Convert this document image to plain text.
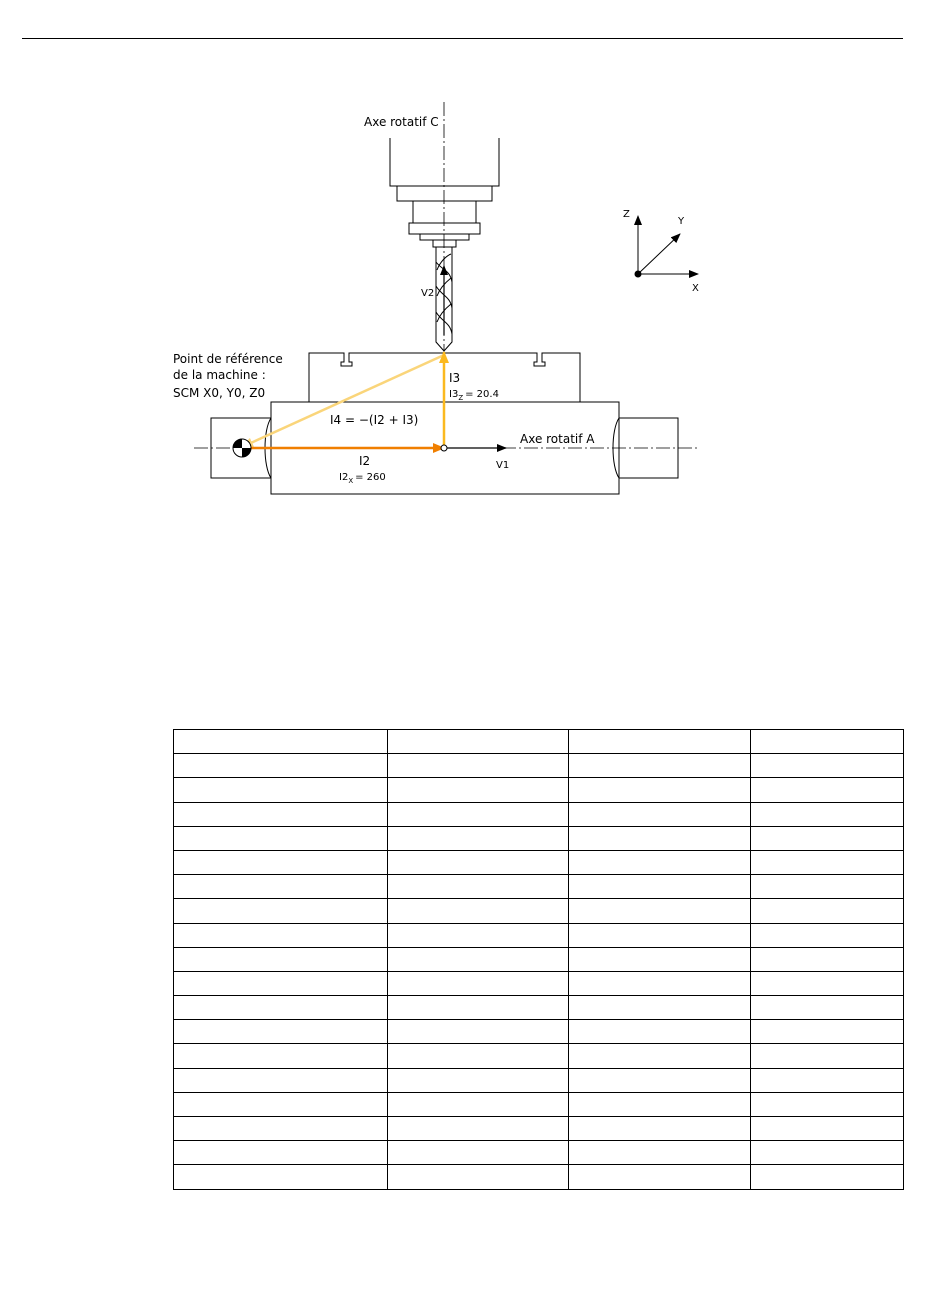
Z
Y
X
Axe rotatif C
Axe rotatif A
Point de référence
de la machine :
SCM X0, Y0, Z0
V1
V2
I2
$I2_X = 260$
I3
$I3_Z = 20.4$
I4 = −(I2 + I3)
